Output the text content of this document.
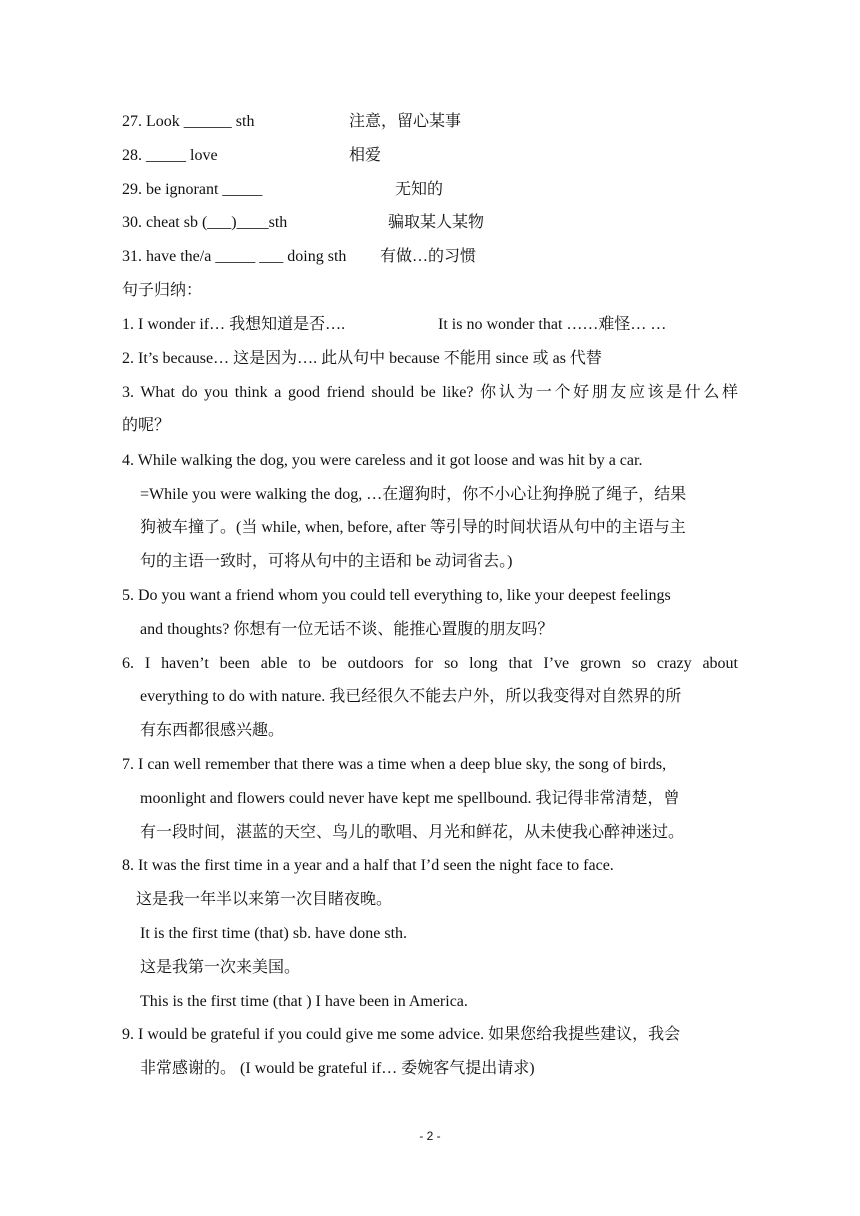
27. Look ______ sth	注意，留心某事
28. _____ love	相爱
29. be ignorant _____	无知的
30. cheat sb (___)____sth	骗取某人某物
31. have the/a _____ ___ doing sth 有做…的习惯
句子归纳：
1. I wonder if… 我想知道是否….	It is no wonder that ……难怪… …
2. It’s because… 这是因为…. 此从句中 because 不能用 since 或 as 代替
3. What do you think a good friend should be like? 你认为一个好朋友应该是什么样
的呢？
4. While walking the dog, you were careless and it got loose and was hit by a car.
=While you were walking the dog, …在遛狗时，你不小心让狗挣脱了绳子，结果
狗被车撞了。(当 while, when, before, after 等引导的时间状语从句中的主语与主
句的主语一致时，可将从句中的主语和 be 动词省去。)
5. Do you want a friend whom you could tell everything to, like your deepest feelings
and thoughts? 你想有一位无话不谈、能推心置腹的朋友吗？
6. I haven’t been able to be outdoors for so long that I’ve grown so crazy about
everything to do with nature. 我已经很久不能去户外，所以我变得对自然界的所
有东西都很感兴趣。
7. I can well remember that there was a time when a deep blue sky, the song of birds,
moonlight and flowers could never have kept me spellbound. 我记得非常清楚，曾
有一段时间，湛蓝的天空、鸟儿的歌唱、月光和鲜花，从未使我心醉神迷过。
8. It was the first time in a year and a half that I’d seen the night face to face.
这是我一年半以来第一次目睹夜晚。
It is the first time (that) sb. have done sth.
这是我第一次来美国。
This is the first time (that ) I have been in America.
9. I would be grateful if you could give me some advice. 如果您给我提些建议，我会
非常感谢的。 (I would be grateful if… 委婉客气提出请求)
- 2 -
